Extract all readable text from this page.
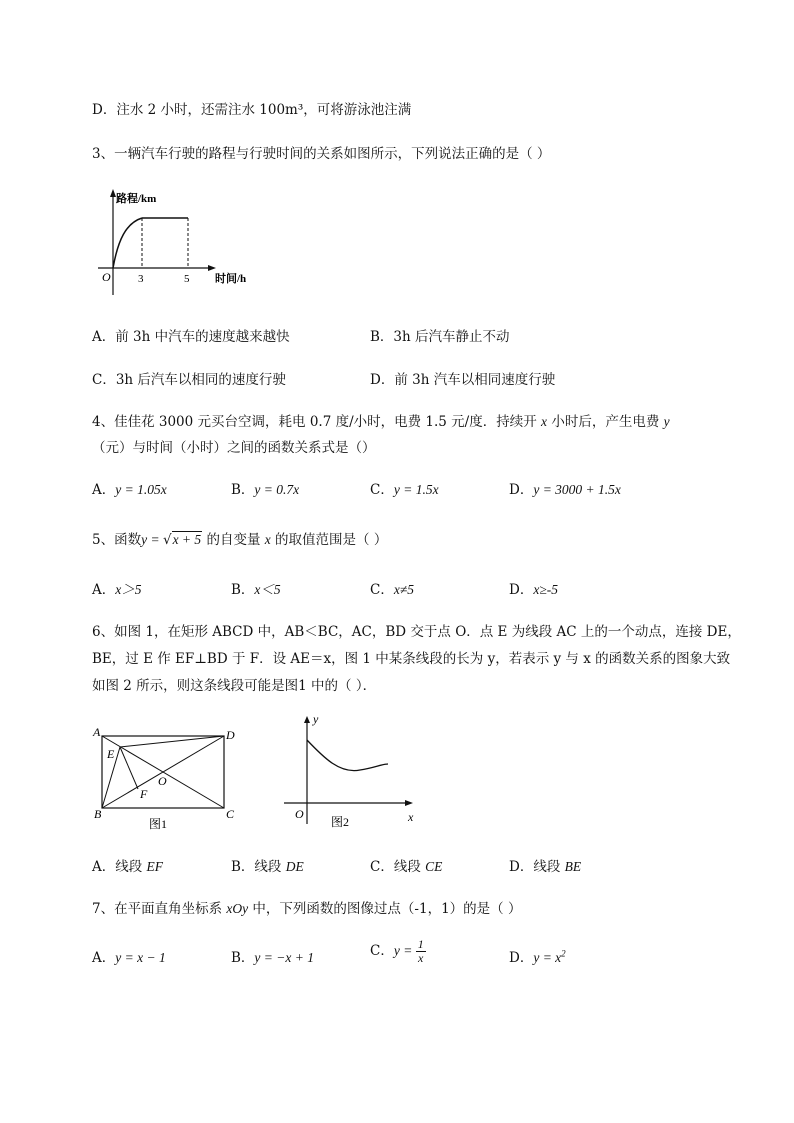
D．注水 2 小时，还需注水 100m³，可将游泳池注满
3、一辆汽车行驶的路程与行驶时间的关系如图所示，下列说法正确的是（ ）
路程/km
时间/h
O 3	5
A．前 3h 中汽车的速度越来越快	B．3h 后汽车静止不动
C．3h 后汽车以相同的速度行驶	D．前 3h 汽车以相同速度行驶
4、佳佳花 3000 元买台空调，耗电 0.7 度/小时，电费 1.5 元/度．持续开 x 小时后，产生电费 y
（元）与时间（小时）之间的函数关系式是（）
A．y = 1.05x	B．y = 0.7x	C．y = 1.5x	D．y = 3000 + 1.5x
5、函数y = √x + 5 的自变量 x 的取值范围是（ ）
A．x＞5	B．x＜5	C．x≠5	D．x≥-5
6、如图 1，在矩形 ABCD 中，AB＜BC，AC，BD 交于点 O．点 E 为线段 AC 上的一个动点，连接 DE，
BE，过 E 作 EF⊥BD 于 F．设 AE＝x，图 1 中某条线段的长为 y，若表示 y 与 x 的函数关系的图象大致
如图 2 所示，则这条线段可能是图1 中的（ ）．
A
B	C
D
E
F
O
图1
y
x
O
图2
A．线段 EF	B．线段 DE	C．线段 CE	D．线段 BE
7、在平面直角坐标系 xOy 中，下列函数的图像过点（-1，1）的是（ ）
A．y = x − 1	B．y = −x + 1	C．$y = \frac{1}{x}$	D．$y = x^2$
